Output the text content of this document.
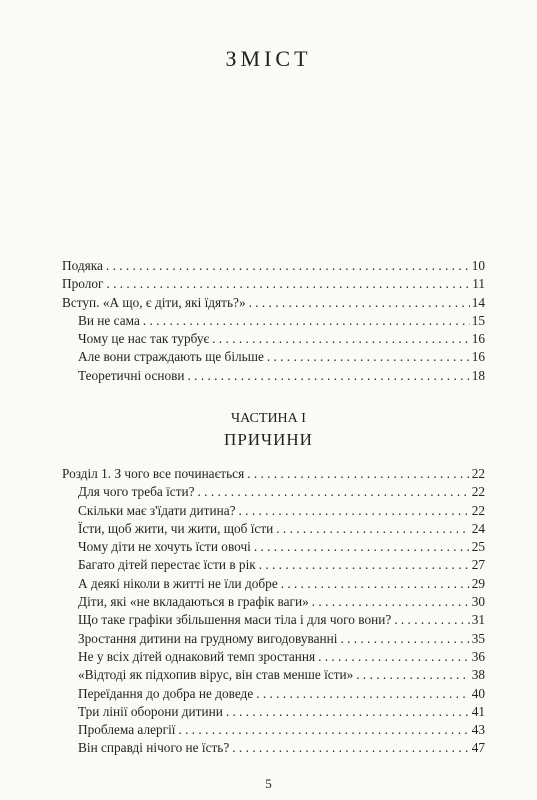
ЗМІСТ
Подяка . . .	10
Пролог . . .	11
Вступ. «А що, є діти, які їдять?» . . .	14
Ви не сама . . .	15
Чому це нас так турбує . . .	16
Але вони страждають ще більше . . .	16
Теоретичні основи . . .	18
ЧАСТИНА I
ПРИЧИНИ
Розділ 1. З чого все починається . . .	22
Для чого треба їсти? . . .	22
Скільки має з'їдати дитина? . . .	22
Їсти, щоб жити, чи жити, щоб їсти . . .	24
Чому діти не хочуть їсти овочі . . .	25
Багато дітей перестає їсти в рік . . .	27
А деякі ніколи в житті не їли добре . . .	29
Діти, які «не вкладаються в графік ваги» . . .	30
Що таке графіки збільшення маси тіла і для чого вони? . . .	31
Зростання дитини на грудному вигодовуванні . . .	35
Не у всіх дітей однаковий темп зростання . . .	36
«Відтоді як підхопив вірус, він став менше їсти» . . .	38
Переїдання до добра не доведе . . .	40
Три лінії оборони дитини . . .	41
Проблема алергії . . .	43
Він справді нічого не їсть? . . .	47
5
